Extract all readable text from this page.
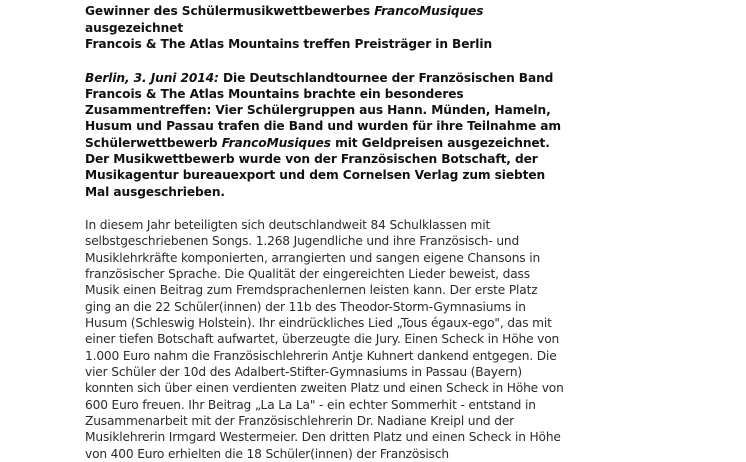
Gewinner des Schülermusikwettbewerbes FrancoMusiques ausgezeichnet
Francois & The Atlas Mountains treffen Preisträger in Berlin

Berlin, 3. Juni 2014: Die Deutschlandtournee der Französischen Band Francois & The Atlas Mountains brachte ein besonderes Zusammentreffen: Vier Schülergruppen aus Hann. Münden, Hameln, Husum und Passau trafen die Band und wurden für ihre Teilnahme am Schülerwettbewerb FrancoMusiques mit Geldpreisen ausgezeichnet. Der Musikwettbewerb wurde von der Französischen Botschaft, der Musikagentur bureauexport und dem Cornelsen Verlag zum siebten Mal ausgeschrieben.

In diesem Jahr beteiligten sich deutschlandweit 84 Schulklassen mit selbstgeschriebenen Songs. 1.268 Jugendliche und ihre Französisch- und Musiklehrkräfte komponierten, arrangierten und sangen eigene Chansons in französischer Sprache. Die Qualität der eingereichten Lieder beweist, dass Musik einen Beitrag zum Fremdsprachenlernen leisten kann. Der erste Platz ging an die 22 Schüler(innen) der 11b des Theodor-Storm-Gymnasiums in Husum (Schleswig Holstein). Ihr eindrückliches Lied „Tous égaux-ego", das mit einer tiefen Botschaft aufwartet, überzeugte die Jury. Einen Scheck in Höhe von 1.000 Euro nahm die Französischlehrerin Antje Kuhnert dankend entgegen. Die vier Schüler der 10d des Adalbert-Stifter-Gymnasiums in Passau (Bayern) konnten sich über einen verdienten zweiten Platz und einen Scheck in Höhe von 600 Euro freuen. Ihr Beitrag „La La La" - ein echter Sommerhit - entstand in Zusammenarbeit mit der Französischlehrerin Dr. Nadiane Kreipl und der Musiklehrerin Irmgard Westermeier. Den dritten Platz und einen Scheck in Höhe von 400 Euro erhielten die 18 Schüler(innen) der Französisch
